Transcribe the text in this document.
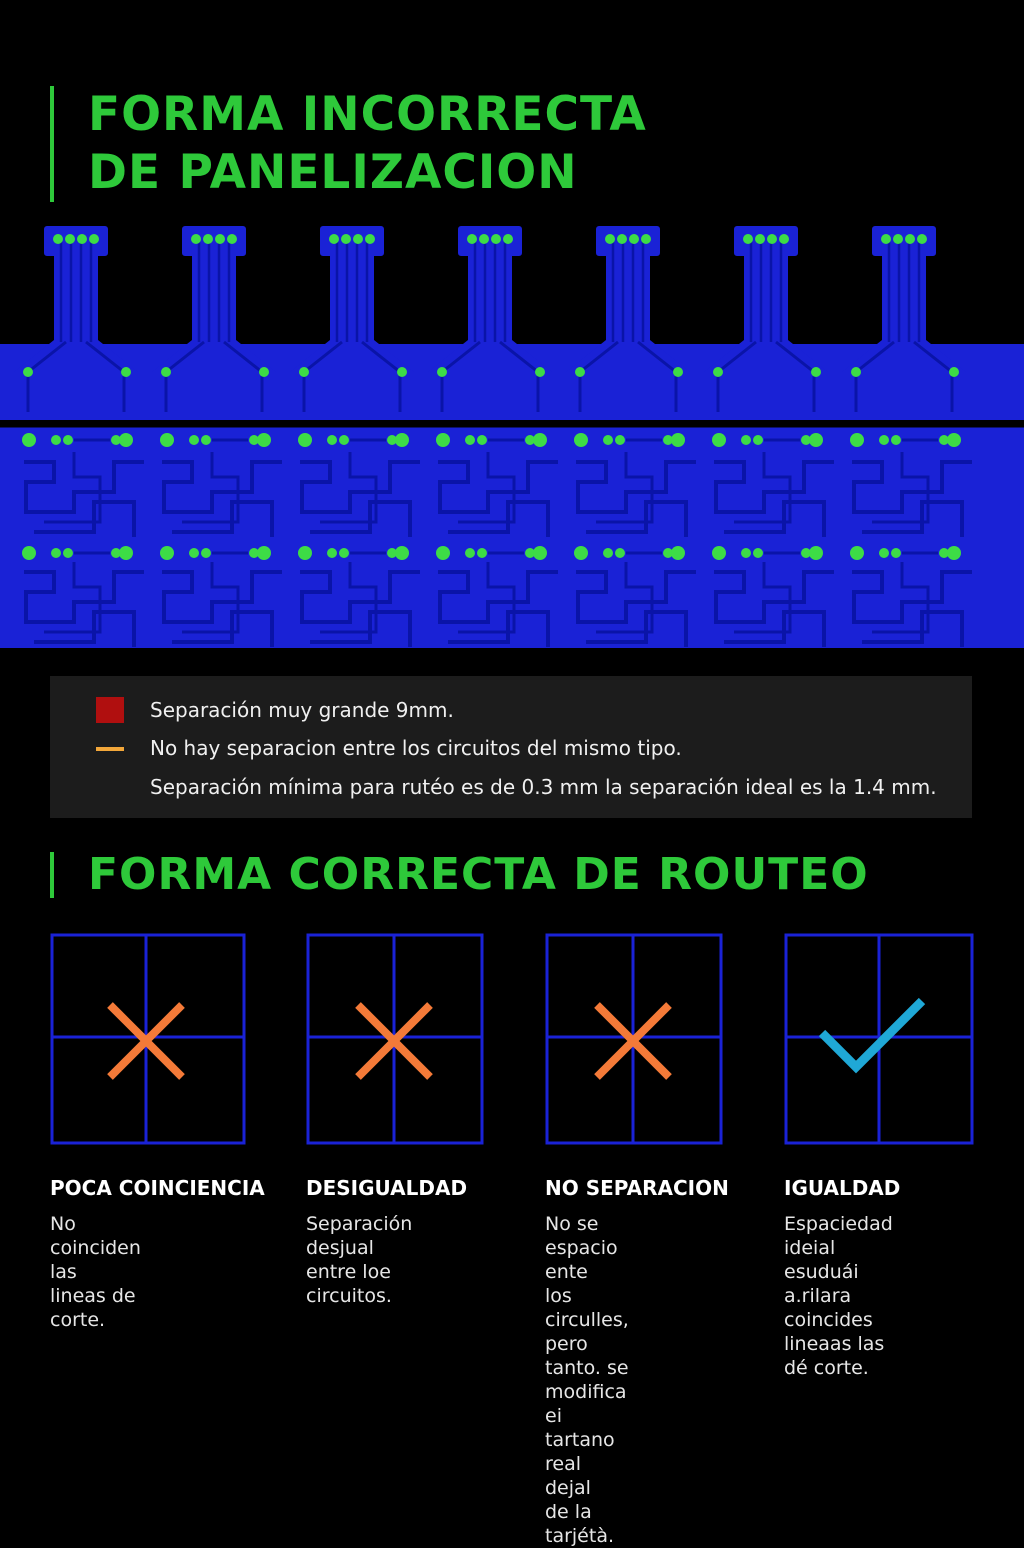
FORMA INCORRECTA
DE PANELIZACION
Separación muy grande 9mm.
No hay separacion entre los circuitos del mismo tipo.
Separación mínima para rutéo es de 0.3 mm la separación ideal es la 1.4 mm.
FORMA CORRECTA DE ROUTEO
POCA COINCIENCIA
No coinciden las
lineas de corte.
DESIGUALDAD
Separación desjual
entre loe circuitos.
NO SEPARACION
No se espacio ente
los circulles, pero
tanto. se modifica
ei tartano real dejal
de la tarjétà.
IGUALDAD
Espaciedad ideial
esuduái a.rilara
coincides lineaas las
dé corte.
